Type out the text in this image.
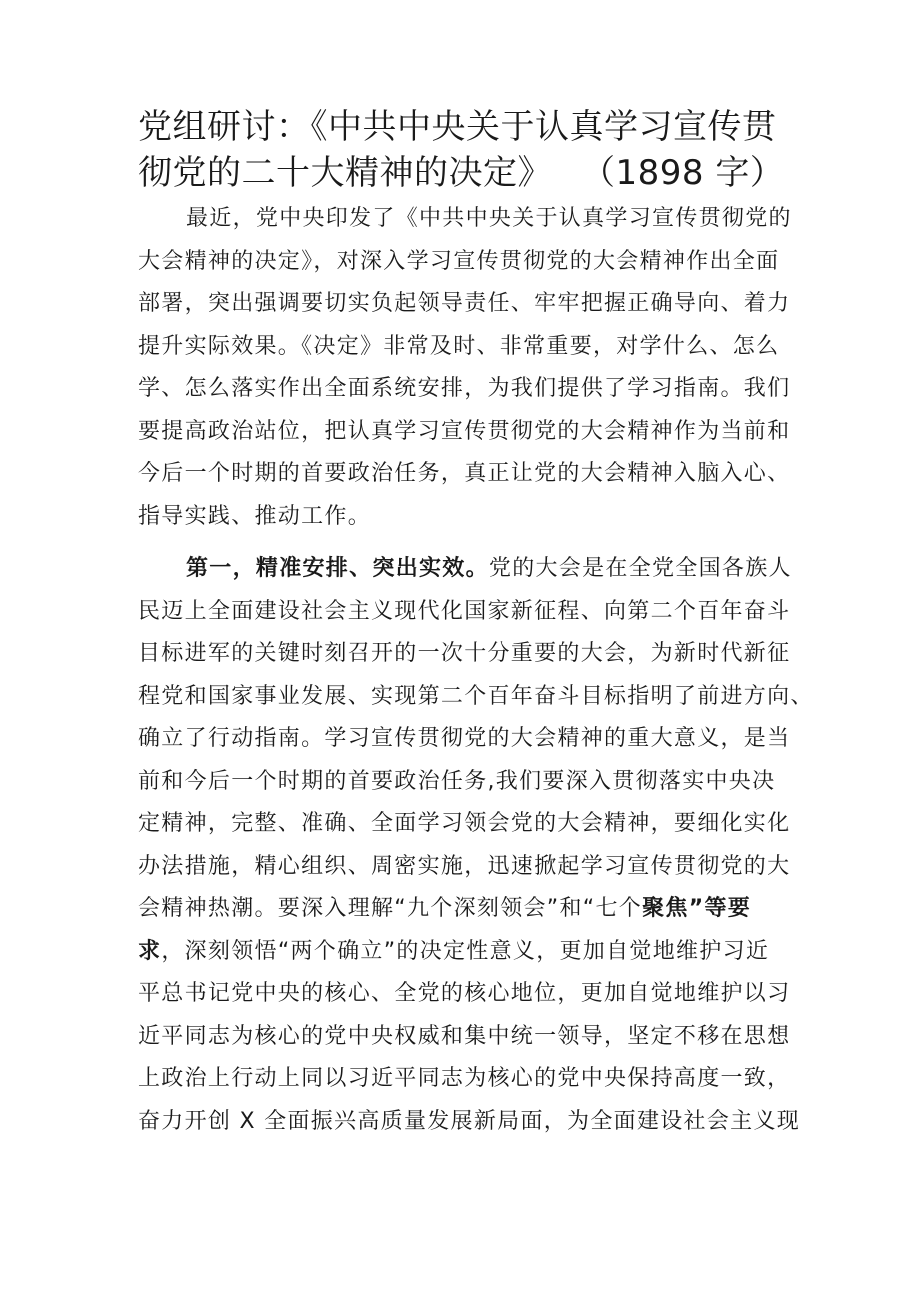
党组研讨：《中共中央关于认真学习宣传贯
彻党的二十大精神的决定》 （1898 字）
最近，党中央印发了《中共中央关于认真学习宣传贯彻党的
大会精神的决定》，对深入学习宣传贯彻党的大会精神作出全面
部署，突出强调要切实负起领导责任、牢牢把握正确导向、着力
提升实际效果。《决定》非常及时、非常重要，对学什么、怎么
学、怎么落实作出全面系统安排，为我们提供了学习指南。我们
要提高政治站位，把认真学习宣传贯彻党的大会精神作为当前和
今后一个时期的首要政治任务，真正让党的大会精神入脑入心、
指导实践、推动工作。
第一，精准安排、突出实效。党的大会是在全党全国各族人
民迈上全面建设社会主义现代化国家新征程、向第二个百年奋斗
目标进军的关键时刻召开的一次十分重要的大会，为新时代新征
程党和国家事业发展、实现第二个百年奋斗目标指明了前进方向、
确立了行动指南。学习宣传贯彻党的大会精神的重大意义，是当
前和今后一个时期的首要政治任务,我们要深入贯彻落实中央决
定精神，完整、准确、全面学习领会党的大会精神，要细化实化
办法措施，精心组织、周密实施，迅速掀起学习宣传贯彻党的大
会精神热潮。要深入理解“九个深刻领会”和“七个聚焦”等要
求，深刻领悟“两个确立”的决定性意义，更加自觉地维护习近
平总书记党中央的核心、全党的核心地位，更加自觉地维护以习
近平同志为核心的党中央权威和集中统一领导，坚定不移在思想
上政治上行动上同以习近平同志为核心的党中央保持高度一致，
奋力开创 X 全面振兴高质量发展新局面，为全面建设社会主义现
